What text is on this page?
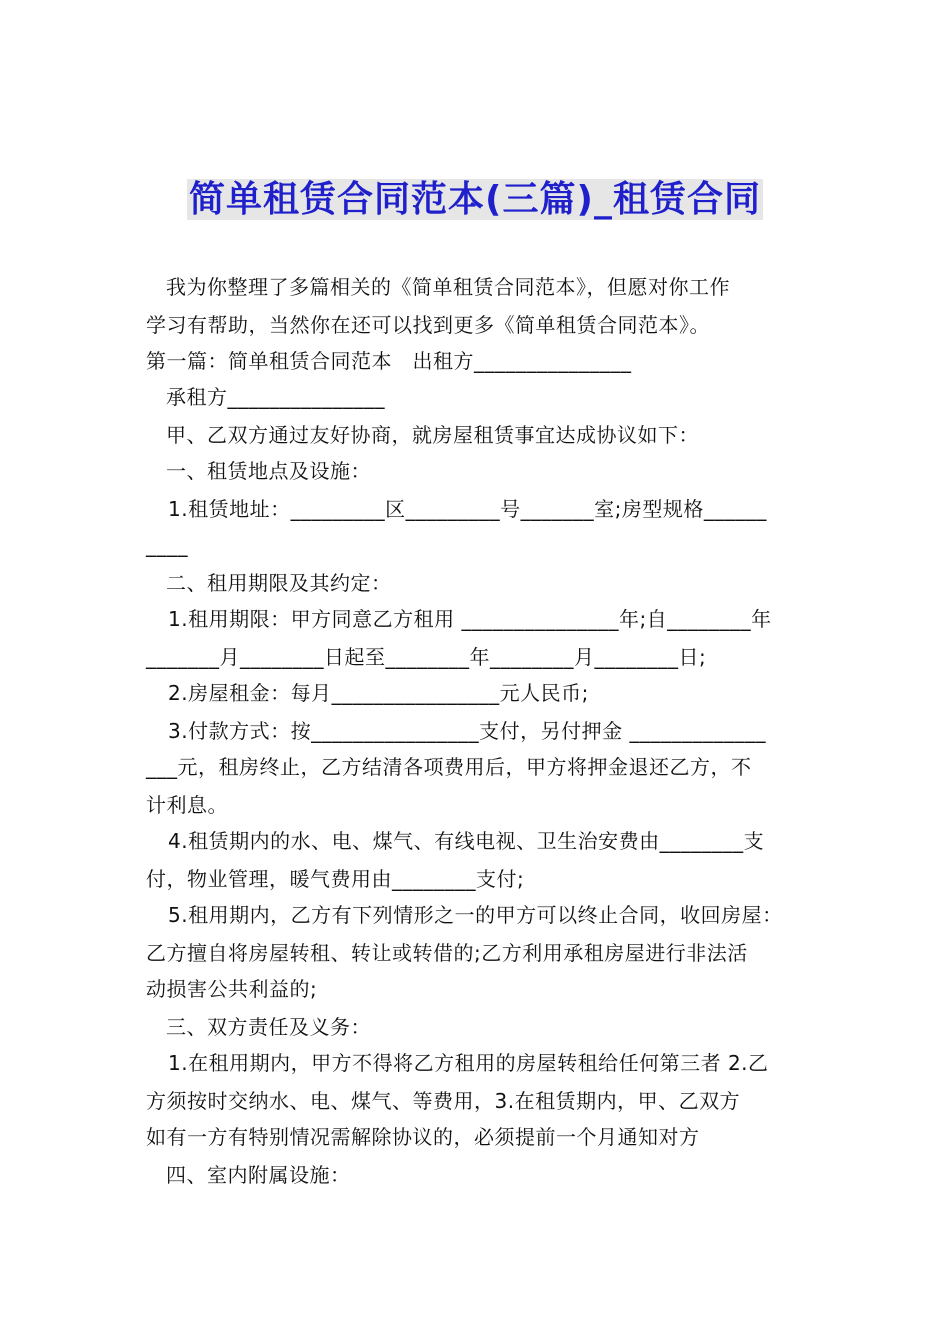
简单租赁合同范本(三篇)_租赁合同
我为你整理了多篇相关的《简单租赁合同范本》，但愿对你工作
学习有帮助，当然你在还可以找到更多《简单租赁合同范本》。
第一篇：简单租赁合同范本　出租方_______________
承租方_______________
甲、乙双方通过友好协商，就房屋租赁事宜达成协议如下：
一、租赁地点及设施：
1.租赁地址：_________区_________号_______室;房型规格______
____
二、租用期限及其约定：
1.租用期限：甲方同意乙方租用 _______________年;自________年
_______月________日起至________年________月________日;
2.房屋租金：每月________________元人民币;
3.付款方式：按________________支付，另付押金 _____________
___元，租房终止，乙方结清各项费用后，甲方将押金退还乙方，不
计利息。
4.租赁期内的水、电、煤气、有线电视、卫生治安费由________支
付，物业管理，暖气费用由________支付;
5.租用期内，乙方有下列情形之一的甲方可以终止合同，收回房屋：
乙方擅自将房屋转租、转让或转借的;乙方利用承租房屋进行非法活
动损害公共利益的;
三、双方责任及义务：
1.在租用期内，甲方不得将乙方租用的房屋转租给任何第三者 2.乙
方须按时交纳水、电、煤气、等费用，3.在租赁期内，甲、乙双方
如有一方有特别情况需解除协议的，必须提前一个月通知对方
四、室内附属设施：
